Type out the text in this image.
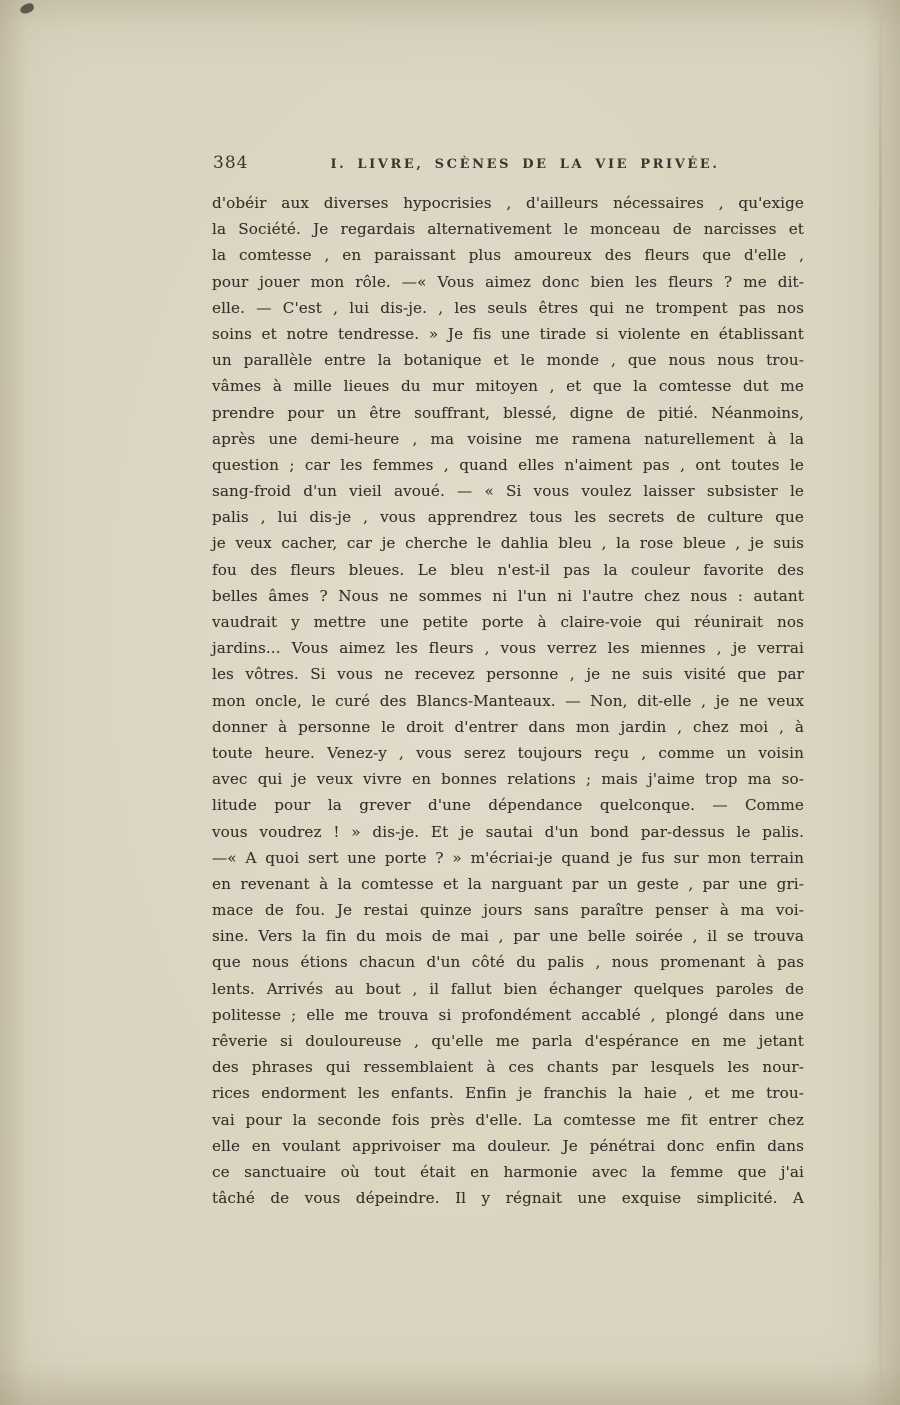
384	I. LIVRE, SCÈNES DE LA VIE PRIVÉE.
d'obéir aux diverses hypocrisies , d'ailleurs nécessaires , qu'exige
la Société. Je regardais alternativement le monceau de narcisses et
la comtesse , en paraissant plus amoureux des fleurs que d'elle ,
pour jouer mon rôle. —« Vous aimez donc bien les fleurs ? me dit-
elle. — C'est , lui dis-je. , les seuls êtres qui ne trompent pas nos
soins et notre tendresse. » Je fis une tirade si violente en établissant
un parallèle entre la botanique et le monde , que nous nous trou-
vâmes à mille lieues du mur mitoyen , et que la comtesse dut me
prendre pour un être souffrant, blessé, digne de pitié. Néanmoins,
après une demi-heure , ma voisine me ramena naturellement à la
question ; car les femmes , quand elles n'aiment pas , ont toutes le
sang-froid d'un vieil avoué. — « Si vous voulez laisser subsister le
palis , lui dis-je , vous apprendrez tous les secrets de culture que
je veux cacher, car je cherche le dahlia bleu , la rose bleue , je suis
fou des fleurs bleues. Le bleu n'est-il pas la couleur favorite des
belles âmes ? Nous ne sommes ni l'un ni l'autre chez nous : autant
vaudrait y mettre une petite porte à claire-voie qui réunirait nos
jardins... Vous aimez les fleurs , vous verrez les miennes , je verrai
les vôtres. Si vous ne recevez personne , je ne suis visité que par
mon oncle, le curé des Blancs-Manteaux. — Non, dit-elle , je ne veux
donner à personne le droit d'entrer dans mon jardin , chez moi , à
toute heure. Venez-y , vous serez toujours reçu , comme un voisin
avec qui je veux vivre en bonnes relations ; mais j'aime trop ma so-
litude pour la grever d'une dépendance quelconque. — Comme
vous voudrez ! » dis-je. Et je sautai d'un bond par-dessus le palis.
—« A quoi sert une porte ? » m'écriai-je quand je fus sur mon terrain
en revenant à la comtesse et la narguant par un geste , par une gri-
mace de fou. Je restai quinze jours sans paraître penser à ma voi-
sine. Vers la fin du mois de mai , par une belle soirée , il se trouva
que nous étions chacun d'un côté du palis , nous promenant à pas
lents. Arrivés au bout , il fallut bien échanger quelques paroles de
politesse ; elle me trouva si profondément accablé , plongé dans une
rêverie si douloureuse , qu'elle me parla d'espérance en me jetant
des phrases qui ressemblaient à ces chants par lesquels les nour-
rices endorment les enfants. Enfin je franchis la haie , et me trou-
vai pour la seconde fois près d'elle. La comtesse me fit entrer chez
elle en voulant apprivoiser ma douleur. Je pénétrai donc enfin dans
ce sanctuaire où tout était en harmonie avec la femme que j'ai
tâché de vous dépeindre. Il y régnait une exquise simplicité. A
